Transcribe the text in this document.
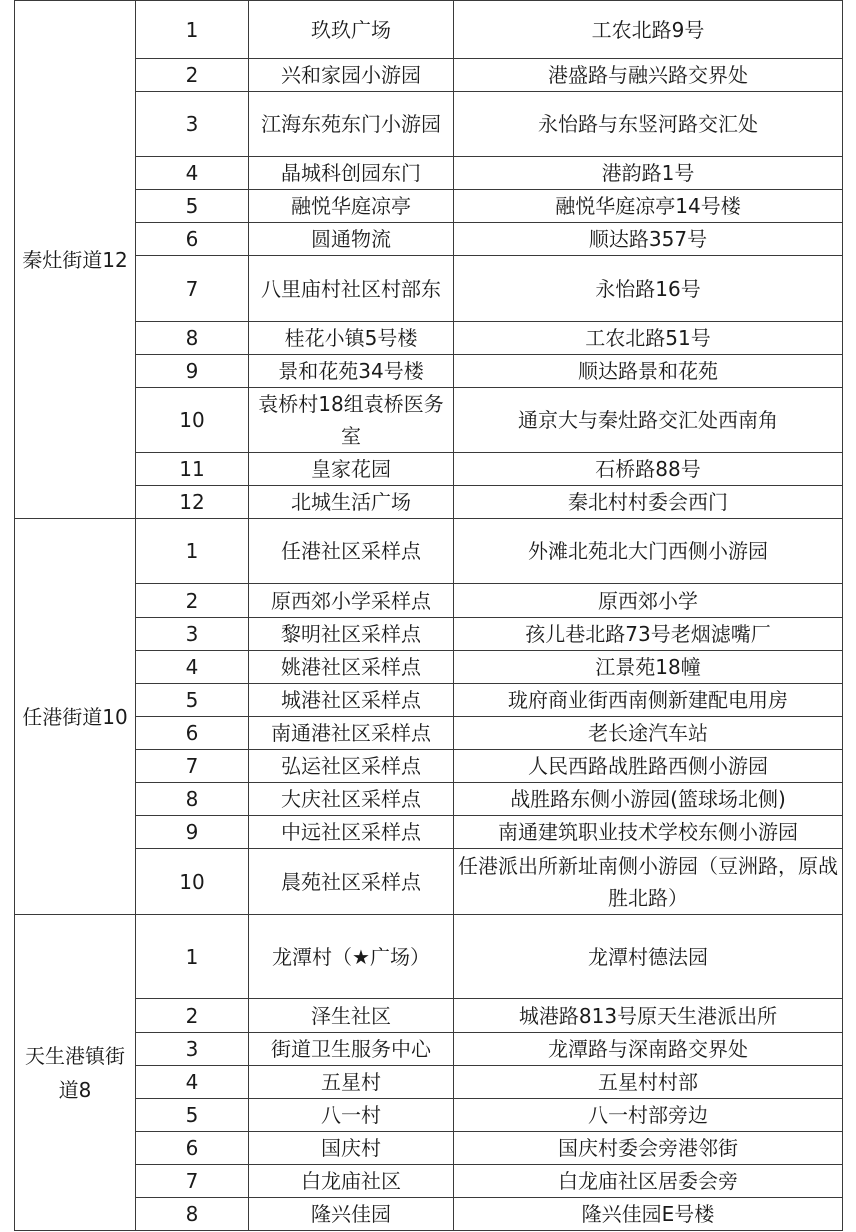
秦灶街道12	1	玖玖广场	工农北路9号
	2	兴和家园小游园	港盛路与融兴路交界处
	3	江海东苑东门小游园	永怡路与东竖河路交汇处
	4	晶城科创园东门	港韵路1号
	5	融悦华庭凉亭	融悦华庭凉亭14号楼
	6	圆通物流	顺达路357号
	7	八里庙村社区村部东	永怡路16号
	8	桂花小镇5号楼	工农北路51号
	9	景和花苑34号楼	顺达路景和花苑
	10	袁桥村18组袁桥医务室	通京大与秦灶路交汇处西南角
	11	皇家花园	石桥路88号
	12	北城生活广场	秦北村村委会西门
任港街道10	1	任港社区采样点	外滩北苑北大门西侧小游园
	2	原西郊小学采样点	原西郊小学
	3	黎明社区采样点	孩儿巷北路73号老烟滤嘴厂
	4	姚港社区采样点	江景苑18幢
	5	城港社区采样点	珑府商业街西南侧新建配电用房
	6	南通港社区采样点	老长途汽车站
	7	弘运社区采样点	人民西路战胜路西侧小游园
	8	大庆社区采样点	战胜路东侧小游园(篮球场北侧)
	9	中远社区采样点	南通建筑职业技术学校东侧小游园
	10	晨苑社区采样点	任港派出所新址南侧小游园（豆洲路，原战胜北路）
天生港镇街道8	1	龙潭村（★广场）	龙潭村德法园
	2	泽生社区	城港路813号原天生港派出所
	3	街道卫生服务中心	龙潭路与深南路交界处
	4	五星村	五星村村部
	5	八一村	八一村部旁边
	6	国庆村	国庆村委会旁港邻街
	7	白龙庙社区	白龙庙社区居委会旁
	8	隆兴佳园	隆兴佳园E号楼
